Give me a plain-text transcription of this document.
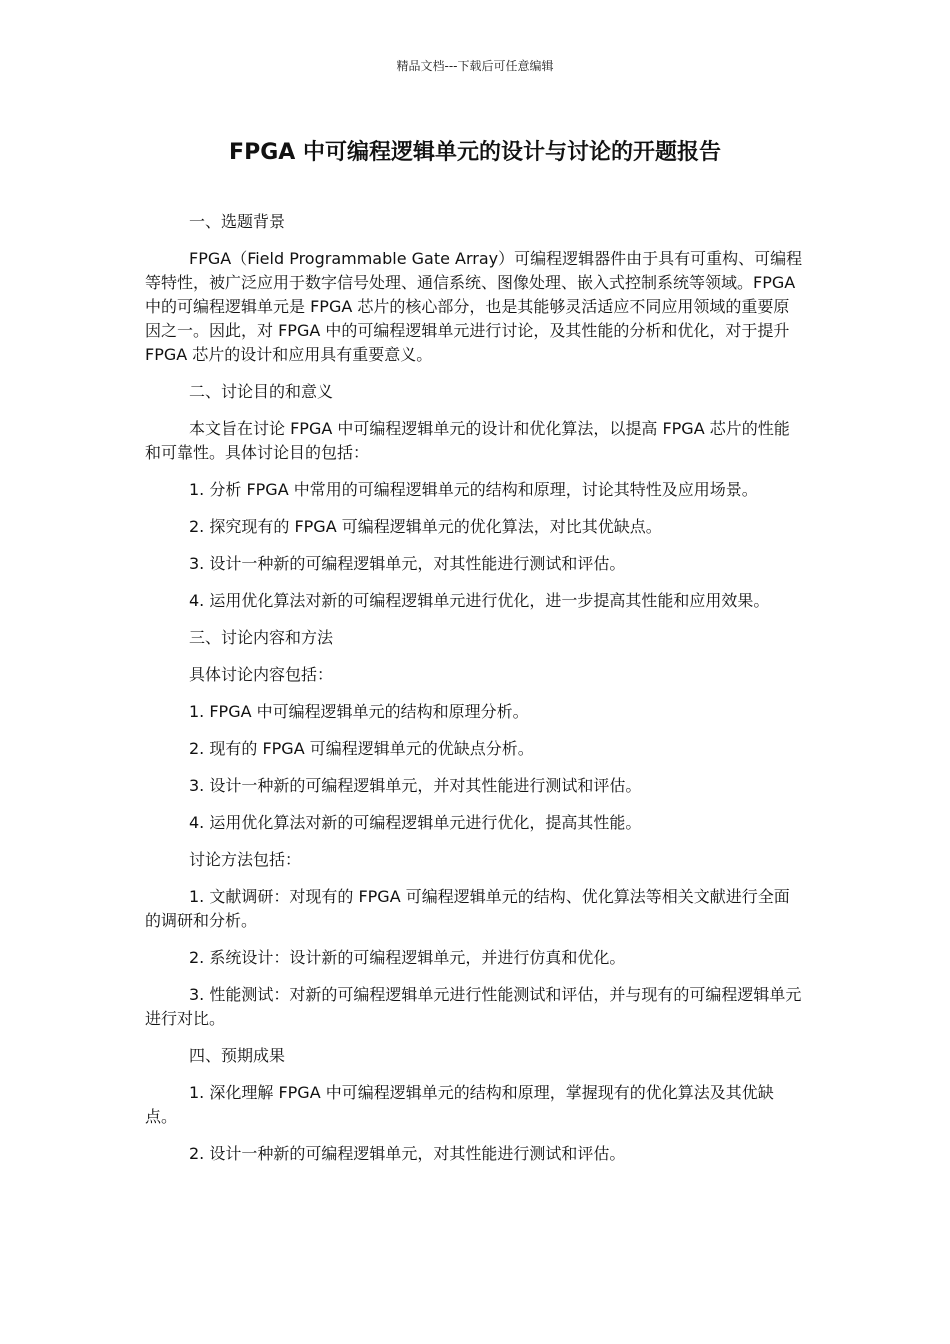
精品文档---下载后可任意编辑
FPGA 中可编程逻辑单元的设计与讨论的开题报告

一、选题背景

FPGA（Field Programmable Gate Array）可编程逻辑器件由于具有可重构、可编程等特性，被广泛应用于数字信号处理、通信系统、图像处理、嵌入式控制系统等领域。FPGA 中的可编程逻辑单元是 FPGA 芯片的核心部分，也是其能够灵活适应不同应用领域的重要原因之一。因此，对 FPGA 中的可编程逻辑单元进行讨论，及其性能的分析和优化，对于提升 FPGA 芯片的设计和应用具有重要意义。

二、讨论目的和意义

本文旨在讨论 FPGA 中可编程逻辑单元的设计和优化算法，以提高 FPGA 芯片的性能和可靠性。具体讨论目的包括：

1. 分析 FPGA 中常用的可编程逻辑单元的结构和原理，讨论其特性及应用场景。

2. 探究现有的 FPGA 可编程逻辑单元的优化算法，对比其优缺点。

3. 设计一种新的可编程逻辑单元，对其性能进行测试和评估。

4. 运用优化算法对新的可编程逻辑单元进行优化，进一步提高其性能和应用效果。

三、讨论内容和方法

具体讨论内容包括：

1. FPGA 中可编程逻辑单元的结构和原理分析。

2. 现有的 FPGA 可编程逻辑单元的优缺点分析。

3. 设计一种新的可编程逻辑单元，并对其性能进行测试和评估。

4. 运用优化算法对新的可编程逻辑单元进行优化，提高其性能。

讨论方法包括：

1. 文献调研：对现有的 FPGA 可编程逻辑单元的结构、优化算法等相关文献进行全面的调研和分析。

2. 系统设计：设计新的可编程逻辑单元，并进行仿真和优化。

3. 性能测试：对新的可编程逻辑单元进行性能测试和评估，并与现有的可编程逻辑单元进行对比。

四、预期成果

1. 深化理解 FPGA 中可编程逻辑单元的结构和原理，掌握现有的优化算法及其优缺点。

2. 设计一种新的可编程逻辑单元，对其性能进行测试和评估。
